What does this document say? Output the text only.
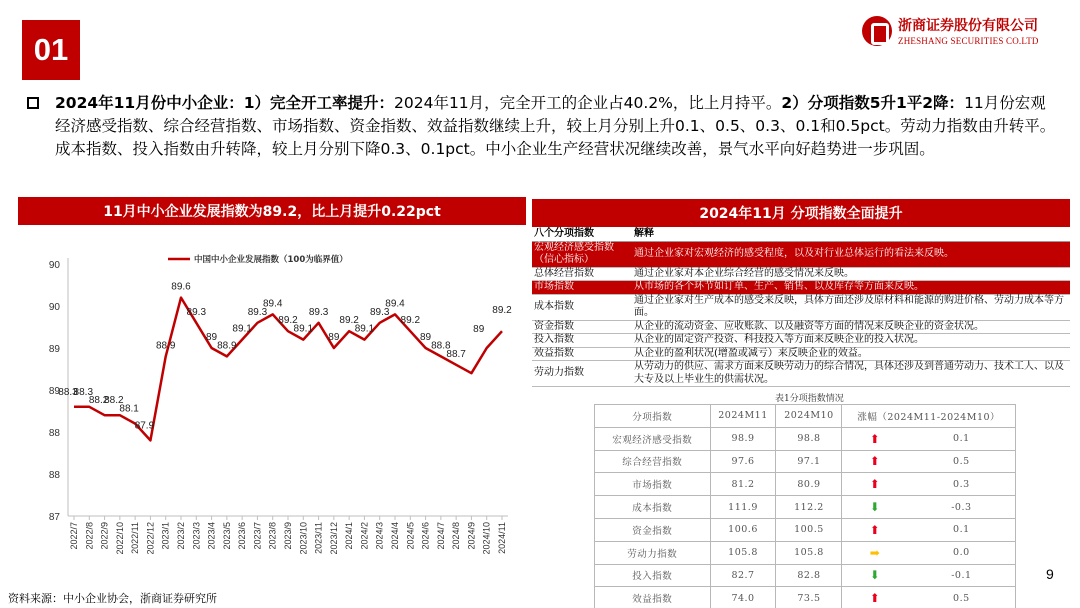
01
浙商证券股份有限公司
ZHESHANG SECURITIES CO.LTD

2024年11月份中小企业：1）完全开工率提升：2024年11月，完全开工的企业占40.2%，比上月持平。2）分项指数5升1平2降：11月份宏观经济感受指数、综合经营指数、市场指数、资金指数、效益指数继续上升，较上月分别上升0.1、0.5、0.3、0.1和0.5pct。劳动力指数由升转平。成本指数、投入指数由升转降，较上月分别下降0.3、0.1pct。中小企业生产经营状况继续改善，景气水平向好趋势进一步巩固。

11月中小企业发展指数为89.2，比上月提升0.22pct	2024年11月 分项指数全面提升
90
90
89
89
88
88
87
2022/7 2022/8 2022/9 2022/10 2022/11 2022/12 2023/1 2023/2 2023/3 2023/4 2023/5 2023/6 2023/7 2023/8 2023/9 2023/10 2023/11 2023/12 2024/1 2024/2 2024/3 2024/4 2024/5 2024/6 2024/7 2024/8 2024/9 2024/10 2024/11
中国中小企业发展指数（100为临界值）
88.3
88.3
88.2
88.2
88.1
87.9
88.9
89.6
89.3
89
88.9
89.1
89.3
89.4
89.2
89.1
89.3
89
89.2
89.1
89.3
89.4
89.2
89
88.8
88.7
89
89.2
八个分项指数	解释
宏观经济感受指数（信心指标）	通过企业家对宏观经济的感受程度，以及对行业总体运行的看法来反映。
总体经营指数	通过企业家对本企业综合经营的感受情况来反映。
市场指数	从市场的各个环节如订单、生产、销售、以及库存等方面来反映。
成本指数	通过企业家对生产成本的感受来反映，具体方面还涉及原材料和能源的购进价格、劳动力成本等方面。
资金指数	从企业的流动资金、应收账款、以及融资等方面的情况来反映企业的资金状况。
投入指数	从企业的固定资产投资、科技投入等方面来反映企业的投入状况。
效益指数	从企业的盈利状况(增盈或减亏）来反映企业的效益。
劳动力指数	从劳动力的供应、需求方面来反映劳动力的综合情况，具体还涉及到普通劳动力、技术工人、以及大专及以上毕业生的供需状况。
表1分项指数情况
分项指数	2024M11	2024M10	涨幅（2024M11-2024M10）	
宏观经济感受指数	98.9	98.8	⬆	0.1
综合经营指数	97.6	97.1	⬆	0.5
市场指数	81.2	80.9	⬆	0.3
成本指数	111.9	112.2	⬇	-0.3
资金指数	100.6	100.5	⬆	0.1
劳动力指数	105.8	105.8	➡	0.0
投入指数	82.7	82.8	⬇	-0.1
效益指数	74.0	73.5	⬆	0.5
资料来源：中小企业协会，浙商证券研究所
9
